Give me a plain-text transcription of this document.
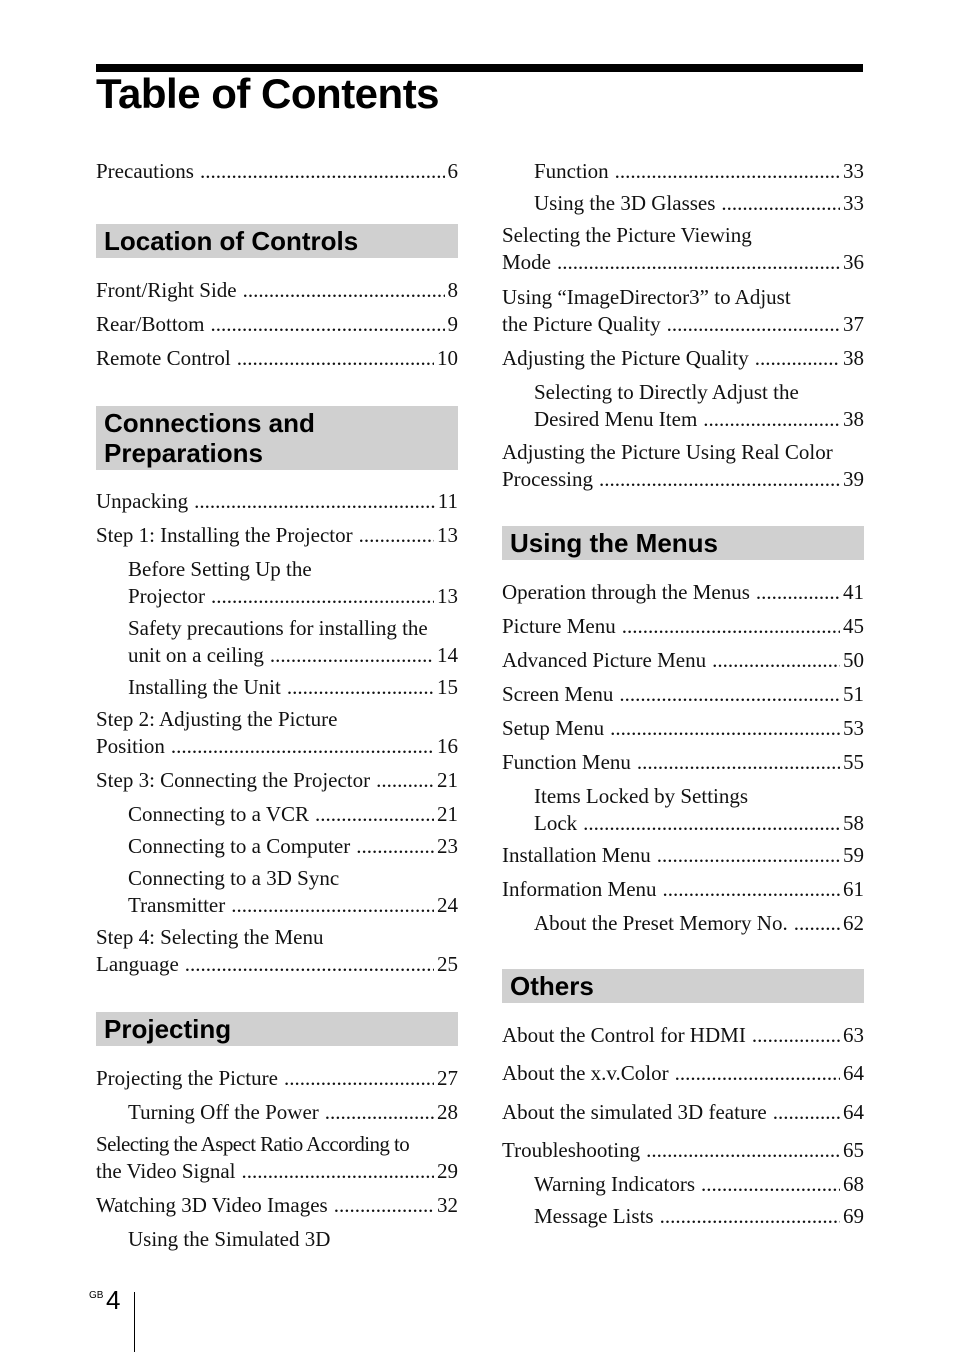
Table of Contents
Precautions .....	6
Location of Controls
Front/Right Side .....	8
Rear/Bottom .....	9
Remote Control .....	10
Connections and
Preparations
Unpacking .....	11
Step 1: Installing the Projector .....	13
Before Setting Up the
Projector .....	13
Safety precautions for installing the
unit on a ceiling .....	14
Installing the Unit .....	15
Step 2: Adjusting the Picture
Position .....	16
Step 3: Connecting the Projector .....	21
Connecting to a VCR .....	21
Connecting to a Computer .....	23
Connecting to a 3D Sync
Transmitter .....	24
Step 4: Selecting the Menu
Language .....	25
Projecting
Projecting the Picture .....	27
Turning Off the Power .....	28
Selecting the Aspect Ratio According to
the Video Signal .....	29
Watching 3D Video Images .....	32
Using the Simulated 3D
Function .....	33
Using the 3D Glasses .....	33
Selecting the Picture Viewing
Mode .....	36
Using “ImageDirector3” to Adjust
the Picture Quality .....	37
Adjusting the Picture Quality .....	38
Selecting to Directly Adjust the
Desired Menu Item .....	38
Adjusting the Picture Using Real Color
Processing .....	39
Using the Menus
Operation through the Menus .....	41
Picture Menu .....	45
Advanced Picture Menu .....	50
Screen Menu .....	51
Setup Menu .....	53
Function Menu .....	55
Items Locked by Settings
Lock .....	58
Installation Menu .....	59
Information Menu .....	61
About the Preset Memory No. .....	62
Others
About the Control for HDMI .....	63
About the x.v.Color .....	64
About the simulated 3D feature .....	64
Troubleshooting .....	65
Warning Indicators .....	68
Message Lists .....	69
GB 4
